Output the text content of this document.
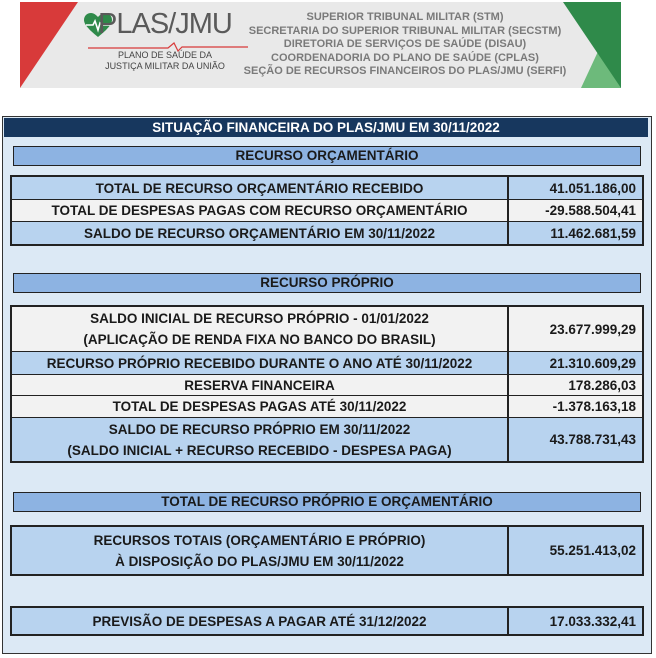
PLAS/JMU
PLANO DE SAÚDE DA
JUSTIÇA MILITAR DA UNIÃO
SUPERIOR TRIBUNAL MILITAR (STM)
SECRETARIA DO SUPERIOR TRIBUNAL MILITAR (SECSTM)
DIRETORIA DE SERVIÇOS DE SAÚDE (DISAU)
COORDENADORIA DO PLANO DE SAÚDE (CPLAS)
SEÇÃO DE RECURSOS FINANCEIROS DO PLAS/JMU (SERFI)
SITUAÇÃO FINANCEIRA DO PLAS/JMU EM 30/11/2022
RECURSO ORÇAMENTÁRIO
TOTAL DE RECURSO ORÇAMENTÁRIO RECEBIDO	41.051.186,00
TOTAL DE DESPESAS PAGAS COM RECURSO ORÇAMENTÁRIO	-29.588.504,41
SALDO DE RECURSO ORÇAMENTÁRIO EM 30/11/2022	11.462.681,59
RECURSO PRÓPRIO
SALDO INICIAL DE RECURSO PRÓPRIO - 01/01/2022
(APLICAÇÃO DE RENDA FIXA NO BANCO DO BRASIL)
23.677.999,29
RECURSO PRÓPRIO RECEBIDO DURANTE O ANO ATÉ 30/11/2022	21.310.609,29
RESERVA FINANCEIRA	178.286,03
TOTAL DE DESPESAS PAGAS ATÉ 30/11/2022	-1.378.163,18
SALDO DE RECURSO PRÓPRIO EM 30/11/2022
(SALDO INICIAL + RECURSO RECEBIDO - DESPESA PAGA)
43.788.731,43
TOTAL DE RECURSO PRÓPRIO E ORÇAMENTÁRIO
RECURSOS TOTAIS (ORÇAMENTÁRIO E PRÓPRIO)
À DISPOSIÇÃO DO PLAS/JMU EM 30/11/2022
55.251.413,02
PREVISÃO DE DESPESAS A PAGAR ATÉ 31/12/2022	17.033.332,41
